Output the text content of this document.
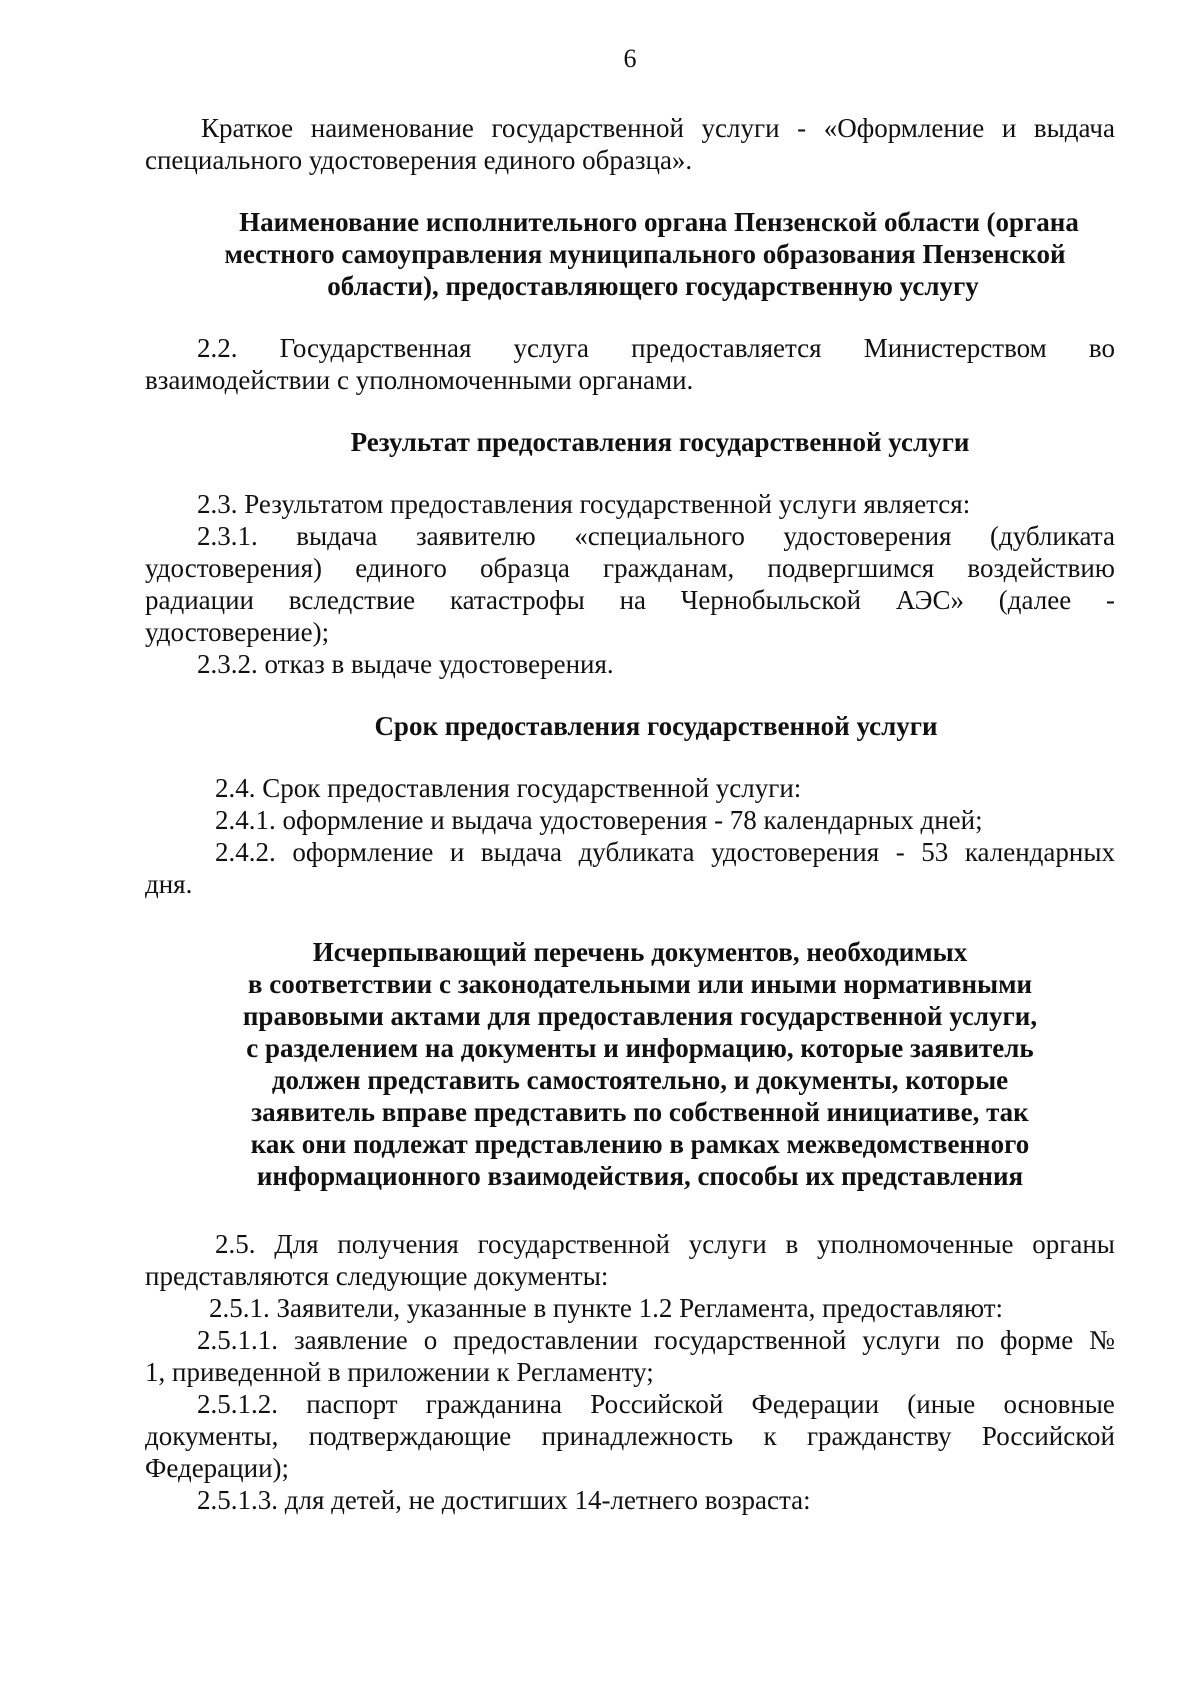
6
Краткое наименование государственной услуги - «Оформление и выдача

специального удостоверения единого образца».

Наименование исполнительного органа Пензенской области (органа

местного самоуправления муниципального образования Пензенской

области), предоставляющего государственную услугу

2.2. Государственная услуга предоставляется Министерством во

взаимодействии с уполномоченными органами.

Результат предоставления государственной услуги

2.3. Результатом предоставления государственной услуги является:

2.3.1. выдача заявителю «специального удостоверения (дубликата
удостоверения) единого образца гражданам, подвергшимся воздействию
радиации вследствие катастрофы на Чернобыльской АЭС» (далее -

удостоверение);

2.3.2. отказ в выдаче удостоверения.

Срок предоставления государственной услуги

2.4. Срок предоставления государственной услуги:

2.4.1. оформление и выдача удостоверения - 78 календарных дней;

2.4.2. оформление и выдача дубликата удостоверения - 53 календарных

дня.

Исчерпывающий перечень документов, необходимых

в соответствии с законодательными или иными нормативными

правовыми актами для предоставления государственной услуги,

с разделением на документы и информацию, которые заявитель

должен представить самостоятельно, и документы, которые

заявитель вправе представить по собственной инициативе, так

как они подлежат представлению в рамках межведомственного

информационного взаимодействия, способы их представления

2.5. Для получения государственной услуги в уполномоченные органы

представляются следующие документы:

2.5.1. Заявители, указанные в пункте 1.2 Регламента, предоставляют:

2.5.1.1. заявление о предоставлении государственной услуги по форме №

1, приведенной в приложении к Регламенту;

2.5.1.2. паспорт гражданина Российской Федерации (иные основные
документы, подтверждающие принадлежность к гражданству Российской

Федерации);

2.5.1.3. для детей, не достигших 14-летнего возраста:
